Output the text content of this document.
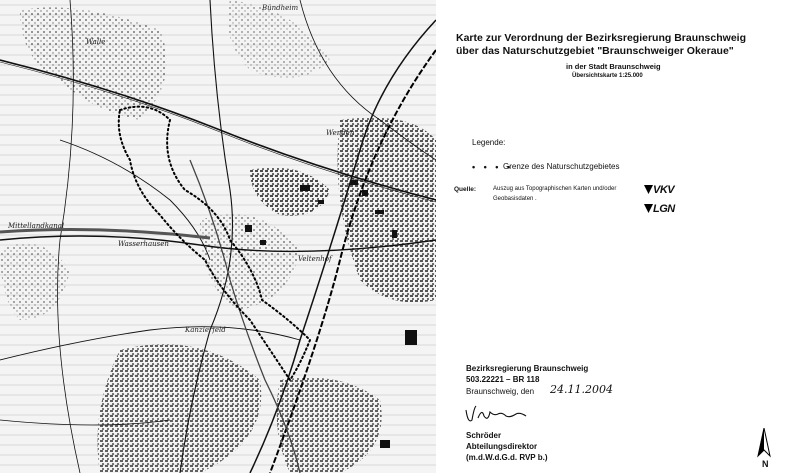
Walle
Wenden
Wasserhausen
Veltenhof
Kanzlerfeld
Mittellandkanal
Bündheim
Karte zur Verordnung der Bezirksregierung Braunschweig
über das Naturschutzgebiet "Braunschweiger Okeraue"
in der Stadt Braunschweig
Übersichtskarte 1:25.000
Legende:
• • • •
Grenze des Naturschutzgebietes
Quelle:	Auszug aus Topographischen Karten und/oder
Geobasisdaten .
VKV
LGN
Bezirksregierung Braunschweig
503.22221 – BR 118
Braunschweig, den 24.11.2004
Schröder
Abteilungsdirektor
(m.d.W.d.G.d. RVP b.)
N
